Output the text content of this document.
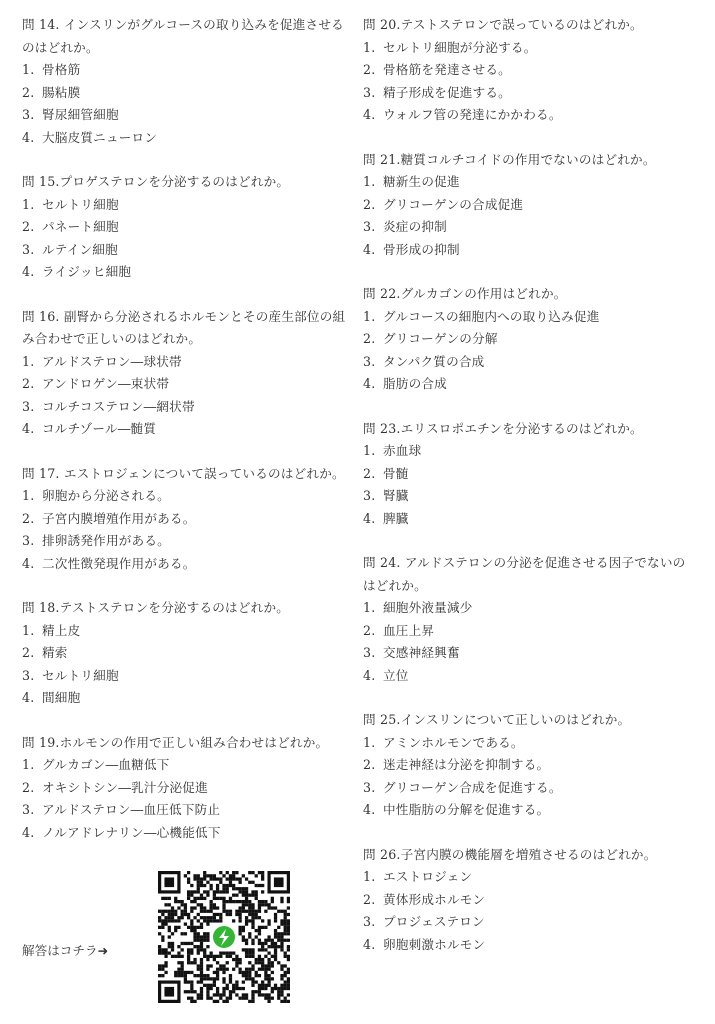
問 14. インスリンがグルコースの取り込みを促進させるのはどれか。
1. 骨格筋
2. 腸粘膜
3. 腎尿細管細胞
4. 大脳皮質ニューロン
問 15.プロゲステロンを分泌するのはどれか。
1. セルトリ細胞
2. パネート細胞
3. ルテイン細胞
4. ライジッヒ細胞
問 16. 副腎から分泌されるホルモンとその産生部位の組み合わせで正しいのはどれか。
1. アルドステロン―球状帯
2. アンドロゲン―束状帯
3. コルチコステロン―網状帯
4. コルチゾール―髄質
問 17. エストロジェンについて誤っているのはどれか。
1. 卵胞から分泌される。
2. 子宮内膜増殖作用がある。
3. 排卵誘発作用がある。
4. 二次性徴発現作用がある。
問 18.テストステロンを分泌するのはどれか。
1. 精上皮
2. 精索
3. セルトリ細胞
4. 間細胞
問 19.ホルモンの作用で正しい組み合わせはどれか。
1. グルカゴン―血糖低下
2. オキシトシン―乳汁分泌促進
3. アルドステロン―血圧低下防止
4. ノルアドレナリン―心機能低下
問 20.テストステロンで誤っているのはどれか。
1. セルトリ細胞が分泌する。
2. 骨格筋を発達させる。
3. 精子形成を促進する。
4. ウォルフ管の発達にかかわる。
問 21.糖質コルチコイドの作用でないのはどれか。
1. 糖新生の促進
2. グリコーゲンの合成促進
3. 炎症の抑制
4. 骨形成の抑制
問 22.グルカゴンの作用はどれか。
1. グルコースの細胞内への取り込み促進
2. グリコーゲンの分解
3. タンパク質の合成
4. 脂肪の合成
問 23.エリスロポエチンを分泌するのはどれか。
1. 赤血球
2. 骨髄
3. 腎臓
4. 脾臓
問 24. アルドステロンの分泌を促進させる因子でないのはどれか。
1. 細胞外液量減少
2. 血圧上昇
3. 交感神経興奮
4. 立位
問 25.インスリンについて正しいのはどれか。
1. アミンホルモンである。
2. 迷走神経は分泌を抑制する。
3. グリコーゲン合成を促進する。
4. 中性脂肪の分解を促進する。
問 26.子宮内膜の機能層を増殖させるのはどれか。
1. エストロジェン
2. 黄体形成ホルモン
3. プロジェステロン
4. 卵胞刺激ホルモン
解答はコチラ➜
